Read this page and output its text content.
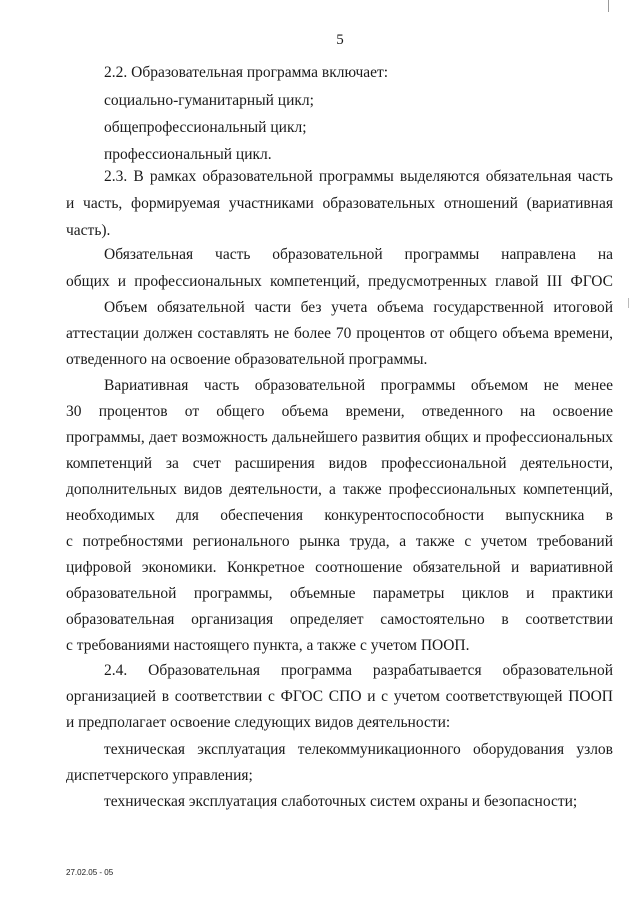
5
2.2. Образовательная программа включает:
социально-гуманитарный цикл;
общепрофессиональный цикл;
профессиональный цикл.
2.3. В рамках образовательной программы выделяются обязательная часть
и часть, формируемая участниками образовательных отношений (вариативная
часть).
Обязательная часть образовательной программы направлена на
общих и профессиональных компетенций, предусмотренных главой III ФГОС
Объем обязательной части без учета объема государственной итоговой
аттестации должен составлять не более 70 процентов от общего объема времени,
отведенного на освоение образовательной программы.
Вариативная часть образовательной программы объемом не менее
30 процентов от общего объема времени, отведенного на освоение
программы, дает возможность дальнейшего развития общих и профессиональных
компетенций за счет расширения видов профессиональной деятельности,
дополнительных видов деятельности, а также профессиональных компетенций,
необходимых для обеспечения конкурентоспособности выпускника в
с потребностями регионального рынка труда, а также с учетом требований
цифровой экономики. Конкретное соотношение обязательной и вариативной
образовательной программы, объемные параметры циклов и практики
образовательная организация определяет самостоятельно в соответствии
с требованиями настоящего пункта, а также с учетом ПООП.
2.4. Образовательная программа разрабатывается образовательной
организацией в соответствии с ФГОС СПО и с учетом соответствующей ПООП
и предполагает освоение следующих видов деятельности:
техническая эксплуатация телекоммуникационного оборудования узлов
диспетчерского управления;
техническая эксплуатация слаботочных систем охраны и безопасности;
27.02.05 - 05
